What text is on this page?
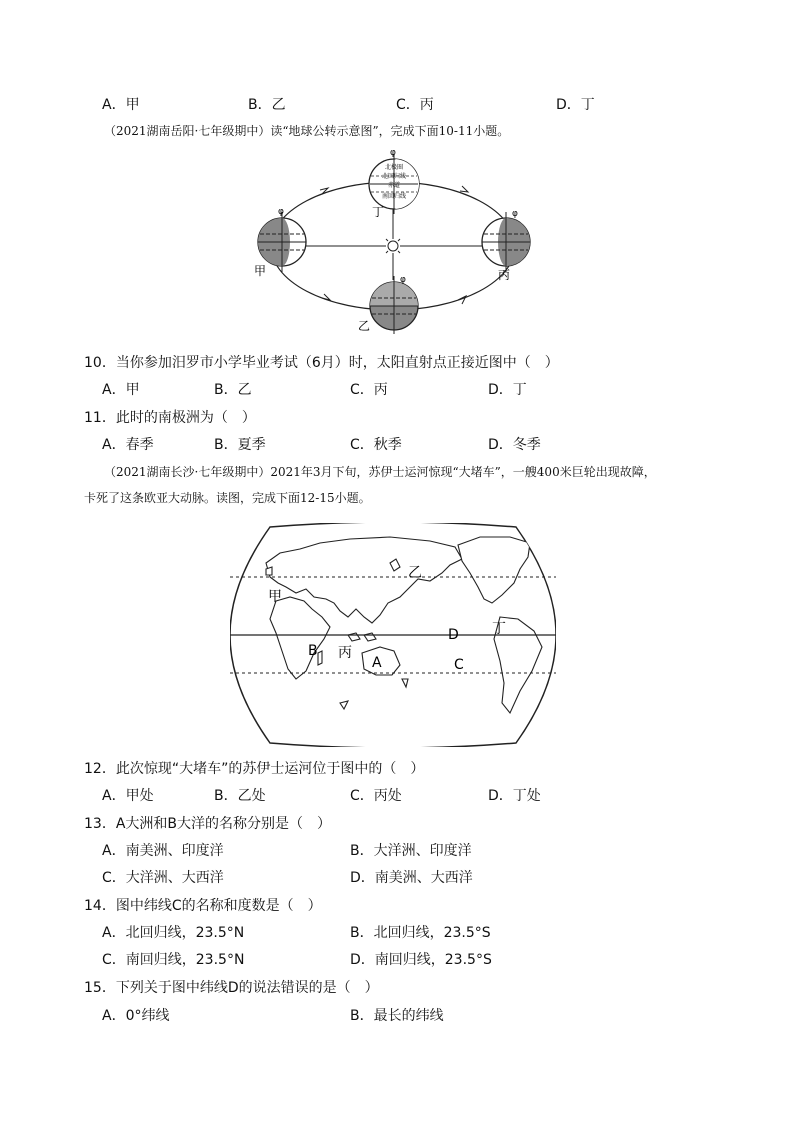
A．甲	B．乙	C．丙	D．丁
（2021湖南岳阳·七年级期中）读“地球公转示意图”，完成下面10-11小题。
北极圈
北回归线
赤道
南回归线
φ
丁
φ
甲
φ
丙
φ
乙
10．当你参加汨罗市小学毕业考试（6月）时，太阳直射点正接近图中（　）
A．甲	B．乙	C．丙	D．丁
11．此时的南极洲为（　）
A．春季	B．夏季	C．秋季	D．冬季
（2021湖南长沙·七年级期中）2021年3月下旬，苏伊士运河惊现“大堵车”，一艘400米巨轮出现故障，
卡死了这条欧亚大动脉。读图，完成下面12-15小题。
乙
甲
丁
D
B 丙
A	C
12．此次惊现“大堵车”的苏伊士运河位于图中的（　）
A．甲处	B．乙处	C．丙处	D．丁处
13．A大洲和B大洋的名称分别是（　）
A．南美洲、印度洋	B．大洋洲、印度洋
C．大洋洲、大西洋	D．南美洲、大西洋
14．图中纬线C的名称和度数是（　）
A．北回归线，23.5°N	B．北回归线，23.5°S
C．南回归线，23.5°N	D．南回归线，23.5°S
15．下列关于图中纬线D的说法错误的是（　）
A．0°纬线	B．最长的纬线
